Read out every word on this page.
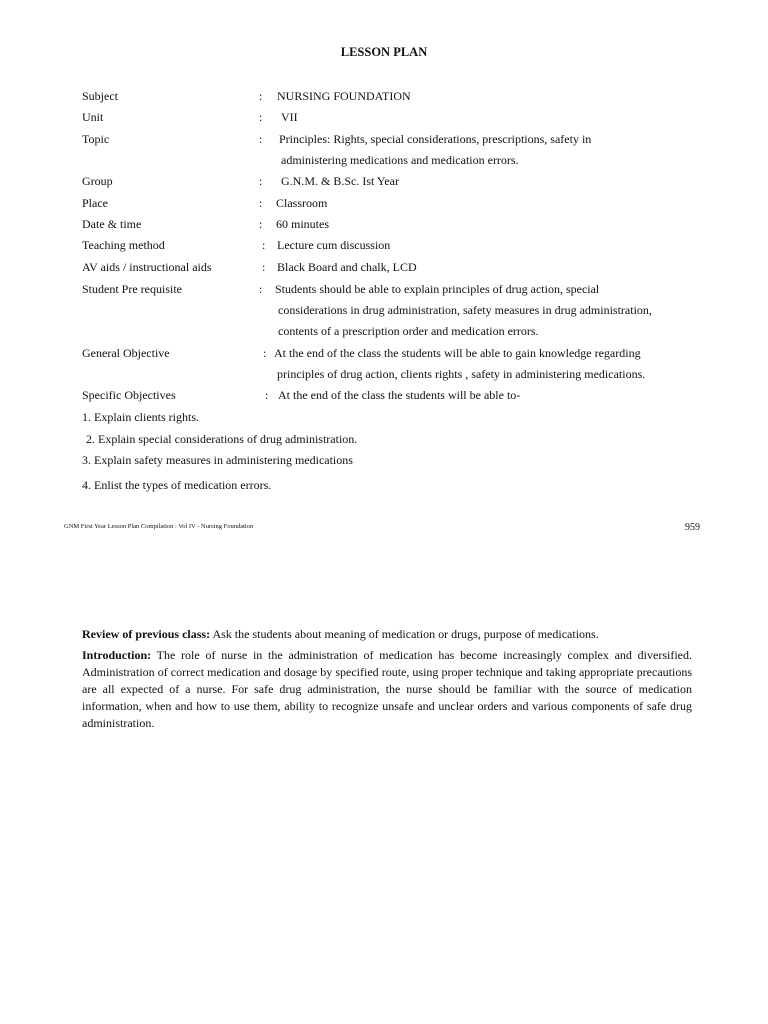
LESSON PLAN
Subject	: NURSING FOUNDATION
Unit	: VII
Topic	: Principles: Rights, special considerations, prescriptions, safety in
administering medications and medication errors.
Group	: G.N.M. & B.Sc. Ist Year
Place	: Classroom
Date & time	: 60 minutes
Teaching method	: Lecture cum discussion
AV aids / instructional aids	: Black Board and chalk, LCD
Student Pre requisite	: Students should be able to explain principles of drug action, special
considerations in drug administration, safety measures in drug administration,
contents of a prescription order and medication errors.
General Objective	: At the end of the class the students will be able to gain knowledge regarding
principles of drug action, clients rights , safety in administering medications.
Specific Objectives	: At the end of the class the students will be able to-
1. Explain clients rights.
2. Explain special considerations of drug administration.
3. Explain safety measures in administering medications
4. Enlist the types of medication errors.
GNM First Year Lesson Plan Compilation : Vol IV - Nursing Foundation	959
Review of previous class: Ask the students about meaning of medication or drugs, purpose of medications.
Introduction: The role of nurse in the administration of medication has become increasingly complex and diversified. Administration of correct medication and dosage by specified route, using proper technique and taking appropriate precautions are all expected of a nurse. For safe drug administration, the nurse should be familiar with the source of medication information, when and how to use them, ability to recognize unsafe and unclear orders and various components of safe drug administration.
